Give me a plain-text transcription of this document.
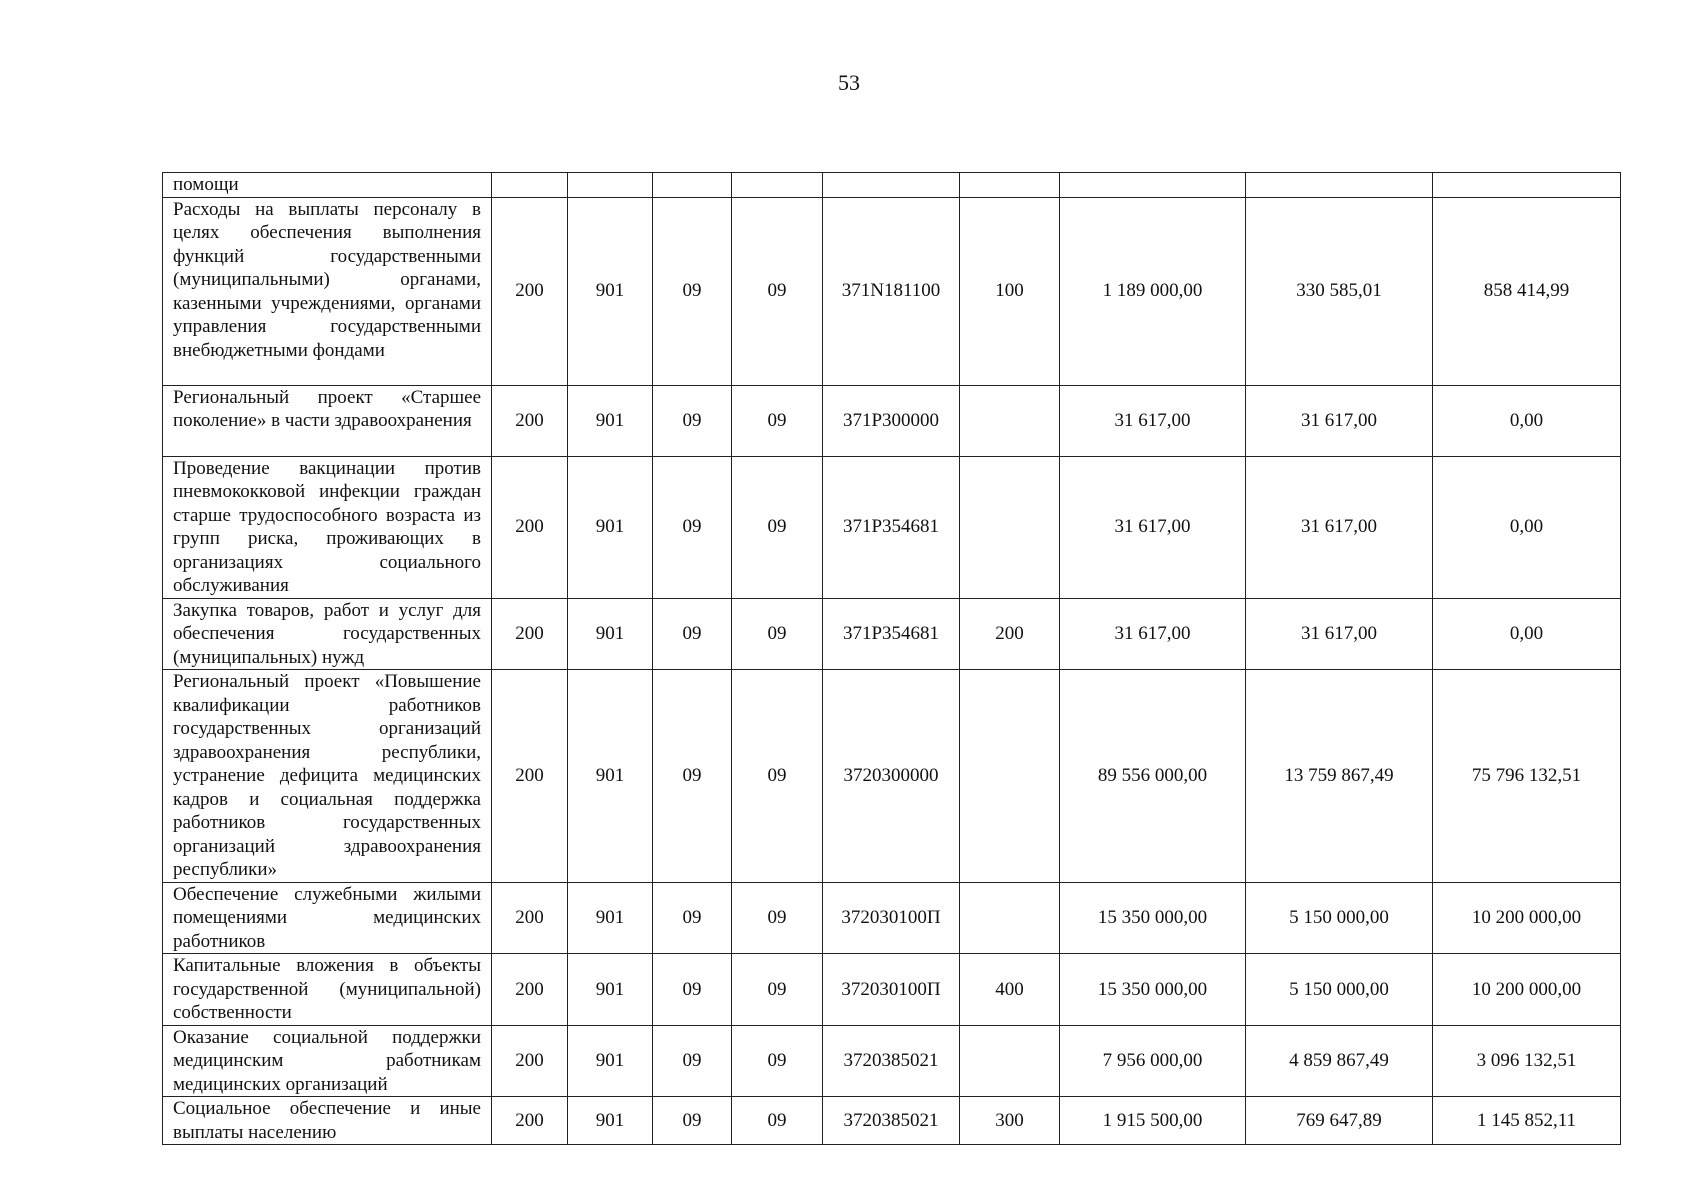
53
помощи									
Расходы на выплаты персоналу в целях обеспечения выполнения функций государственными (муниципальными) органами, казенными учреждениями, органами управления государственными внебюджетными фондами	200	901	09	09	371N181100	100	1 189 000,00	330 585,01	858 414,99
Региональный проект «Старшее поколение» в части здравоохранения	200	901	09	09	371P300000		31 617,00	31 617,00	0,00
Проведение вакцинации против пневмококковой инфекции граждан старше трудоспособного возраста из групп риска, проживающих в организациях социального обслуживания	200	901	09	09	371P354681		31 617,00	31 617,00	0,00
Закупка товаров, работ и услуг для обеспечения государственных (муниципальных) нужд	200	901	09	09	371P354681	200	31 617,00	31 617,00	0,00
Региональный проект «Повышение квалификации работников государственных организаций здравоохранения республики, устранение дефицита медицинских кадров и социальная поддержка работников государственных организаций здравоохранения республики»	200	901	09	09	3720300000		89 556 000,00	13 759 867,49	75 796 132,51
Обеспечение служебными жилыми помещениями медицинских работников	200	901	09	09	372030100П		15 350 000,00	5 150 000,00	10 200 000,00
Капитальные вложения в объекты государственной (муниципальной) собственности	200	901	09	09	372030100П	400	15 350 000,00	5 150 000,00	10 200 000,00
Оказание социальной поддержки медицинским работникам медицинских организаций	200	901	09	09	3720385021		7 956 000,00	4 859 867,49	3 096 132,51
Социальное обеспечение и иные выплаты населению	200	901	09	09	3720385021	300	1 915 500,00	769 647,89	1 145 852,11
